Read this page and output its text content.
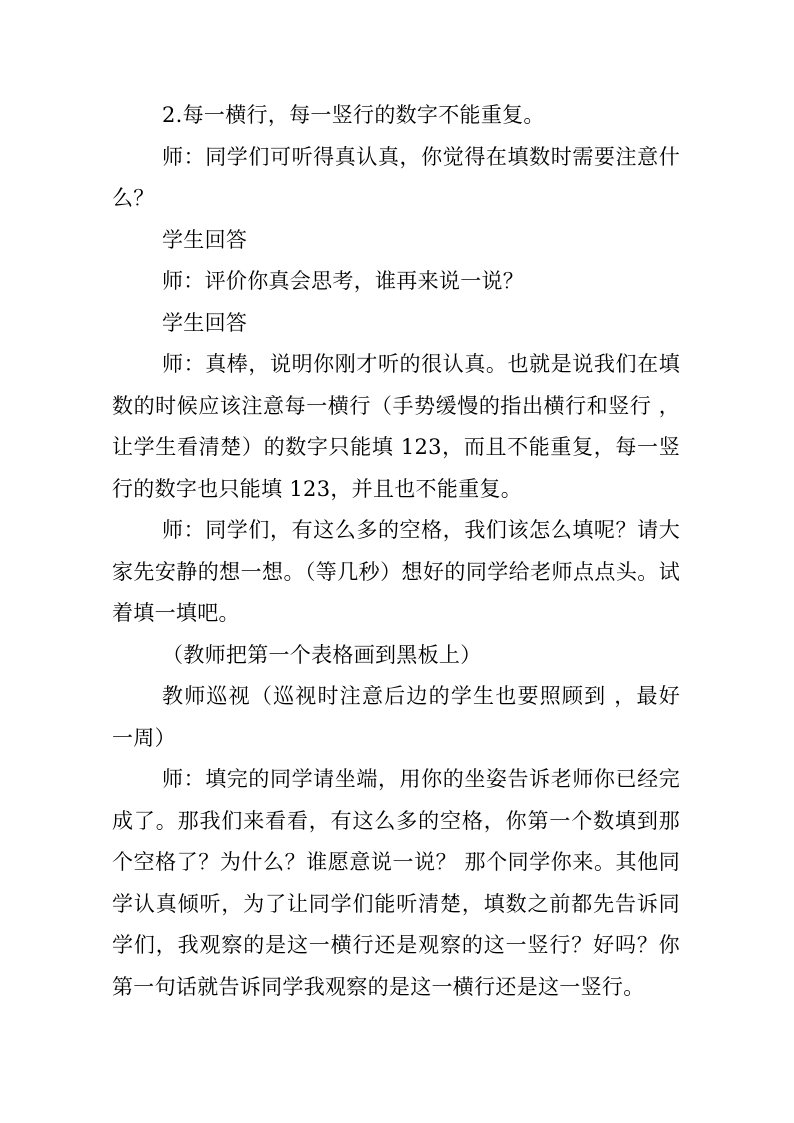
2.每一横行，每一竖行的数字不能重复。

师：同学们可听得真认真，你觉得在填数时需要注意什么？

学生回答

师：评价你真会思考，谁再来说一说？

学生回答

师：真棒，说明你刚才听的很认真。也就是说我们在填数的时候应该注意每一横行（手势缓慢的指出横行和竖行 ，让学生看清楚）的数字只能填 123，而且不能重复，每一竖行的数字也只能填 123，并且也不能重复。

师：同学们，有这么多的空格，我们该怎么填呢？请大家先安静的想一想。（等几秒）想好的同学给老师点点头。试着填一填吧。

（教师把第一个表格画到黑板上）

教师巡视（巡视时注意后边的学生也要照顾到 ，最好一周）

师：填完的同学请坐端，用你的坐姿告诉老师你已经完成了。那我们来看看，有这么多的空格，你第一个数填到那个空格了？为什么？谁愿意说一说？ 那个同学你来。其他同学认真倾听，为了让同学们能听清楚，填数之前都先告诉同学们，我观察的是这一横行还是观察的这一竖行？好吗？你第一句话就告诉同学我观察的是这一横行还是这一竖行。
